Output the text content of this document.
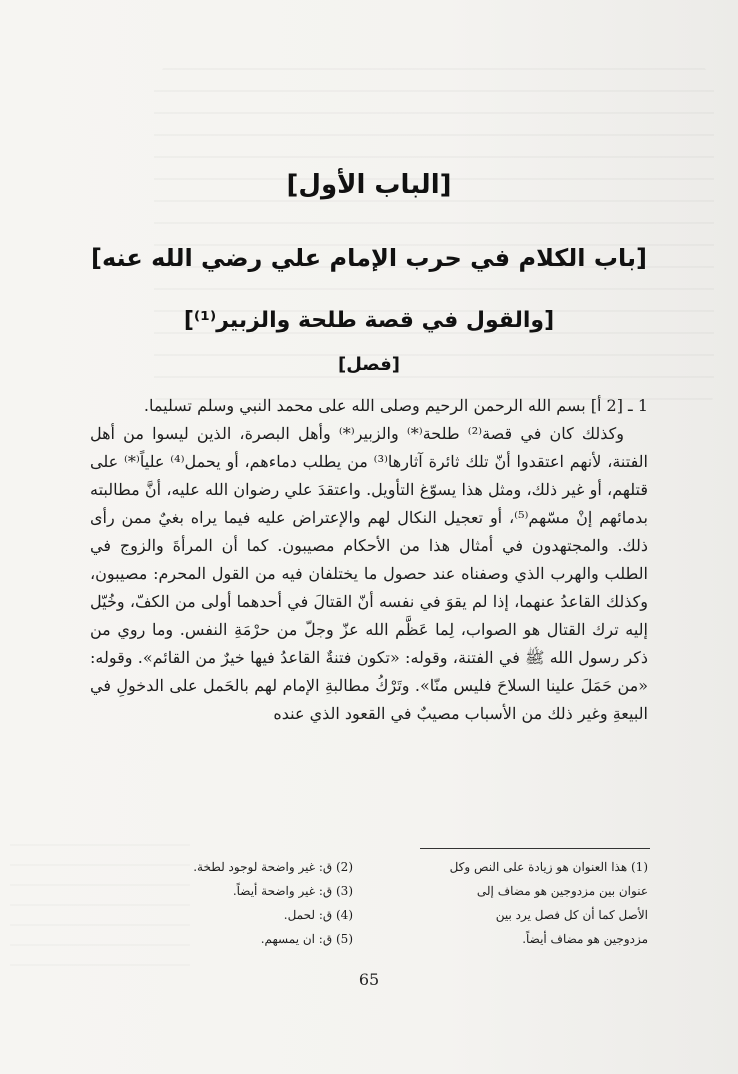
[الباب الأول]
[باب الكلام في حرب الإمام علي رضي الله عنه]
[والقول في قصة طلحة والزبير⁽¹⁾]
[فصل]

1 ـ [2 أ] بسم الله الرحمن الرحيم وصلى الله على محمد النبي وسلم تسليما.

وكذلك كان في قصة⁽²⁾ طلحة⁽*⁾ والزبير⁽*⁾ وأهل البصرة، الذين ليسوا من أهل الفتنة، لأنهم اعتقدوا أنّ تلك ثائرة آثارها⁽³⁾ من يطلب دماءهم، أو يحمل⁽⁴⁾ علياً⁽*⁾ على قتلهم، أو غير ذلك، ومثل هذا يسوّغ التأويل. واعتقدَ علي رضوان الله عليه، أنَّ مطالبته بدمائهم إنْ مسّهم⁽⁵⁾، أو تعجيل النكال لهم والإعتراض عليه فيما يراه بغيٌ ممن رأى ذلك. والمجتهدون في أمثال هذا من الأحكام مصيبون. كما أن المرأةَ والزوج في الطلب والهرب الذي وصفناه عند حصول ما يختلفان فيه من القول المحرم: مصيبون، وكذلك القاعدُ عنهما، إذا لم يقوَ في نفسه أنّ القتالَ في أحدهما أولى من الكفّ، وخُيّل إليه ترك القتال هو الصواب، لِما عَظَّم الله عزّ وجلّ من حرْمَةِ النفس. وما روي من ذكر رسول الله ﷺ في الفتنة، وقوله: «تكون فتنةٌ القاعدُ فيها خيرٌ من القائم». وقوله: «من حَمَلَ علينا السلاحَ فليس منّا». وتَرْكُ مطالبةِ الإمام لهم بالحَمل على الدخولِ في البيعةِ وغير ذلك من الأسباب مصيبٌ في القعود الذي عنده

(1) هذا العنوان هو زيادة على النص وكل
عنوان بين مزدوجين هو مضاف إلى
الأصل كما أن كل فصل يرد بين
مزدوجين هو مضاف أيضاً.
(2) ق: غير واضحة لوجود لطخة.
(3) ق: غير واضحة أيضاً.
(4) ق: لحمل.
(5) ق: ان يمسهم.
65
